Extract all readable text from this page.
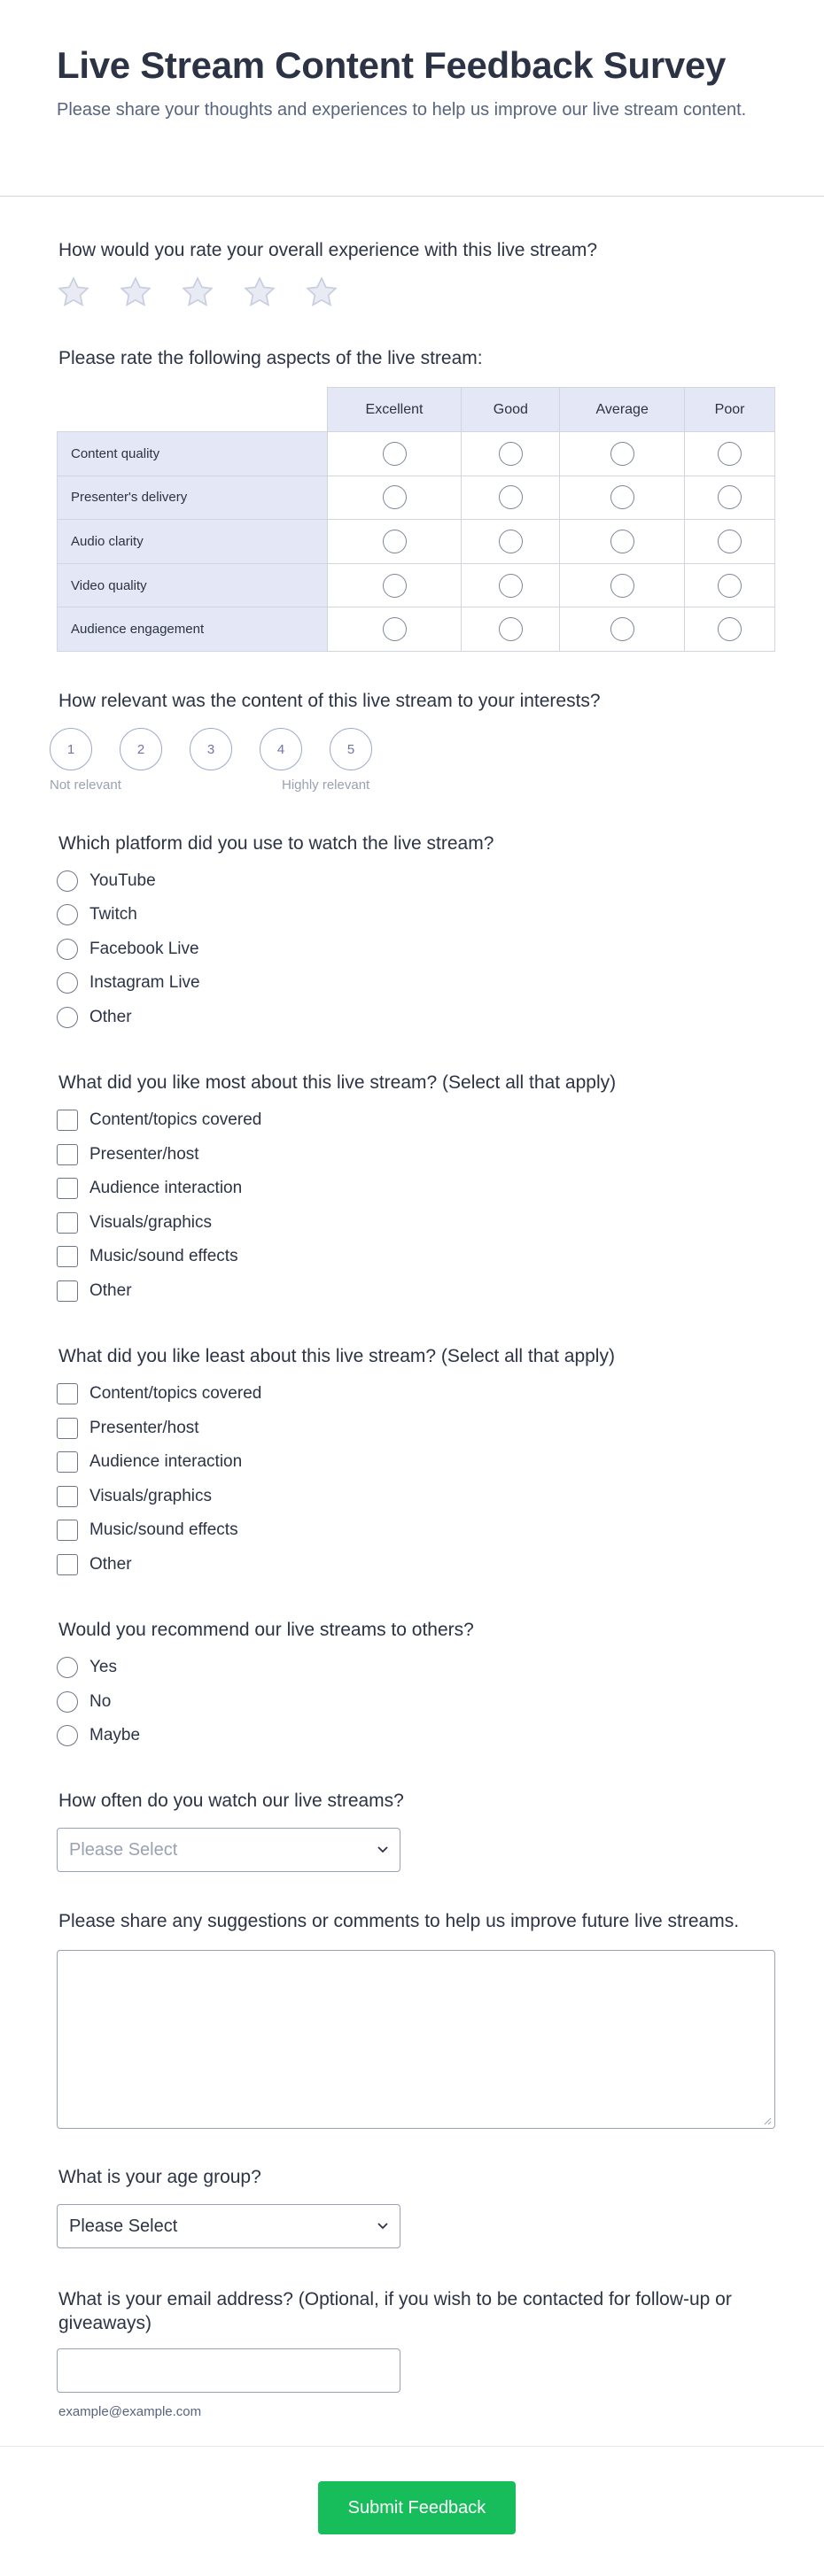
Live Stream Content Feedback Survey
Please share your thoughts and experiences to help us improve our live stream content.
How would you rate your overall experience with this live stream?
Please rate the following aspects of the live stream:
	Excellent	Good	Average	Poor
Content quality				
Presenter's delivery				
Audio clarity				
Video quality				
Audience engagement				
How relevant was the content of this live stream to your interests?
1	2	3	4	5
Not relevant	Highly relevant
Which platform did you use to watch the live stream?
YouTube
Twitch
Facebook Live
Instagram Live
Other
What did you like most about this live stream? (Select all that apply)
Content/topics covered
Presenter/host
Audience interaction
Visuals/graphics
Music/sound effects
Other
What did you like least about this live stream? (Select all that apply)
Content/topics covered
Presenter/host
Audience interaction
Visuals/graphics
Music/sound effects
Other
Would you recommend our live streams to others?
Yes
No
Maybe
How often do you watch our live streams?
Please Select
Please share any suggestions or comments to help us improve future live streams.
What is your age group?
Please Select
What is your email address? (Optional, if you wish to be contacted for follow-up or giveaways)
example@example.com
Submit Feedback
